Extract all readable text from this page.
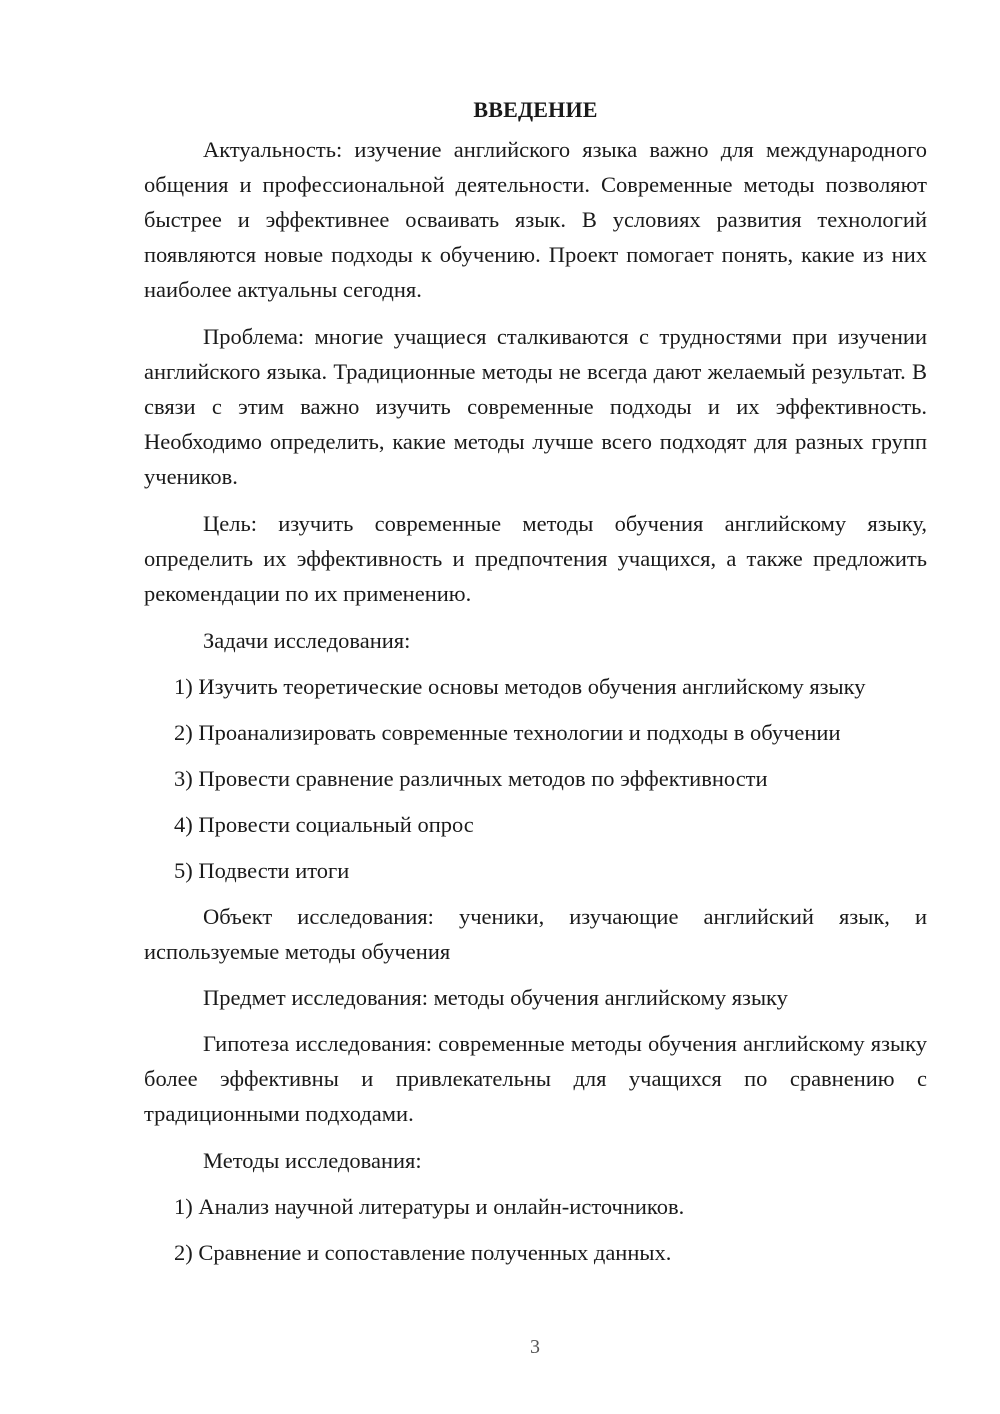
ВВЕДЕНИЕ

Актуальность: изучение английского языка важно для международного общения и профессиональной деятельности. Современные методы позволяют быстрее и эффективнее осваивать язык. В условиях развития технологий появляются новые подходы к обучению. Проект помогает понять, какие из них наиболее актуальны сегодня.

Проблема: многие учащиеся сталкиваются с трудностями при изучении английского языка. Традиционные методы не всегда дают желаемый результат. В связи с этим важно изучить современные подходы и их эффективность. Необходимо определить, какие методы лучше всего подходят для разных групп учеников.

Цель: изучить современные методы обучения английскому языку, определить их эффективность и предпочтения учащихся, а также предложить рекомендации по их применению.

Задачи исследования:

1) Изучить теоретические основы методов обучения английскому языку

2) Проанализировать современные технологии и подходы в обучении

3) Провести сравнение различных методов по эффективности

4) Провести социальный опрос

5) Подвести итоги

Объект исследования: ученики, изучающие английский язык, и используемые методы обучения

Предмет исследования: методы обучения английскому языку

Гипотеза исследования: современные методы обучения английскому языку более эффективны и привлекательны для учащихся по сравнению с традиционными подходами.

Методы исследования:

1) Анализ научной литературы и онлайн-источников.

2) Сравнение и сопоставление полученных данных.

3
